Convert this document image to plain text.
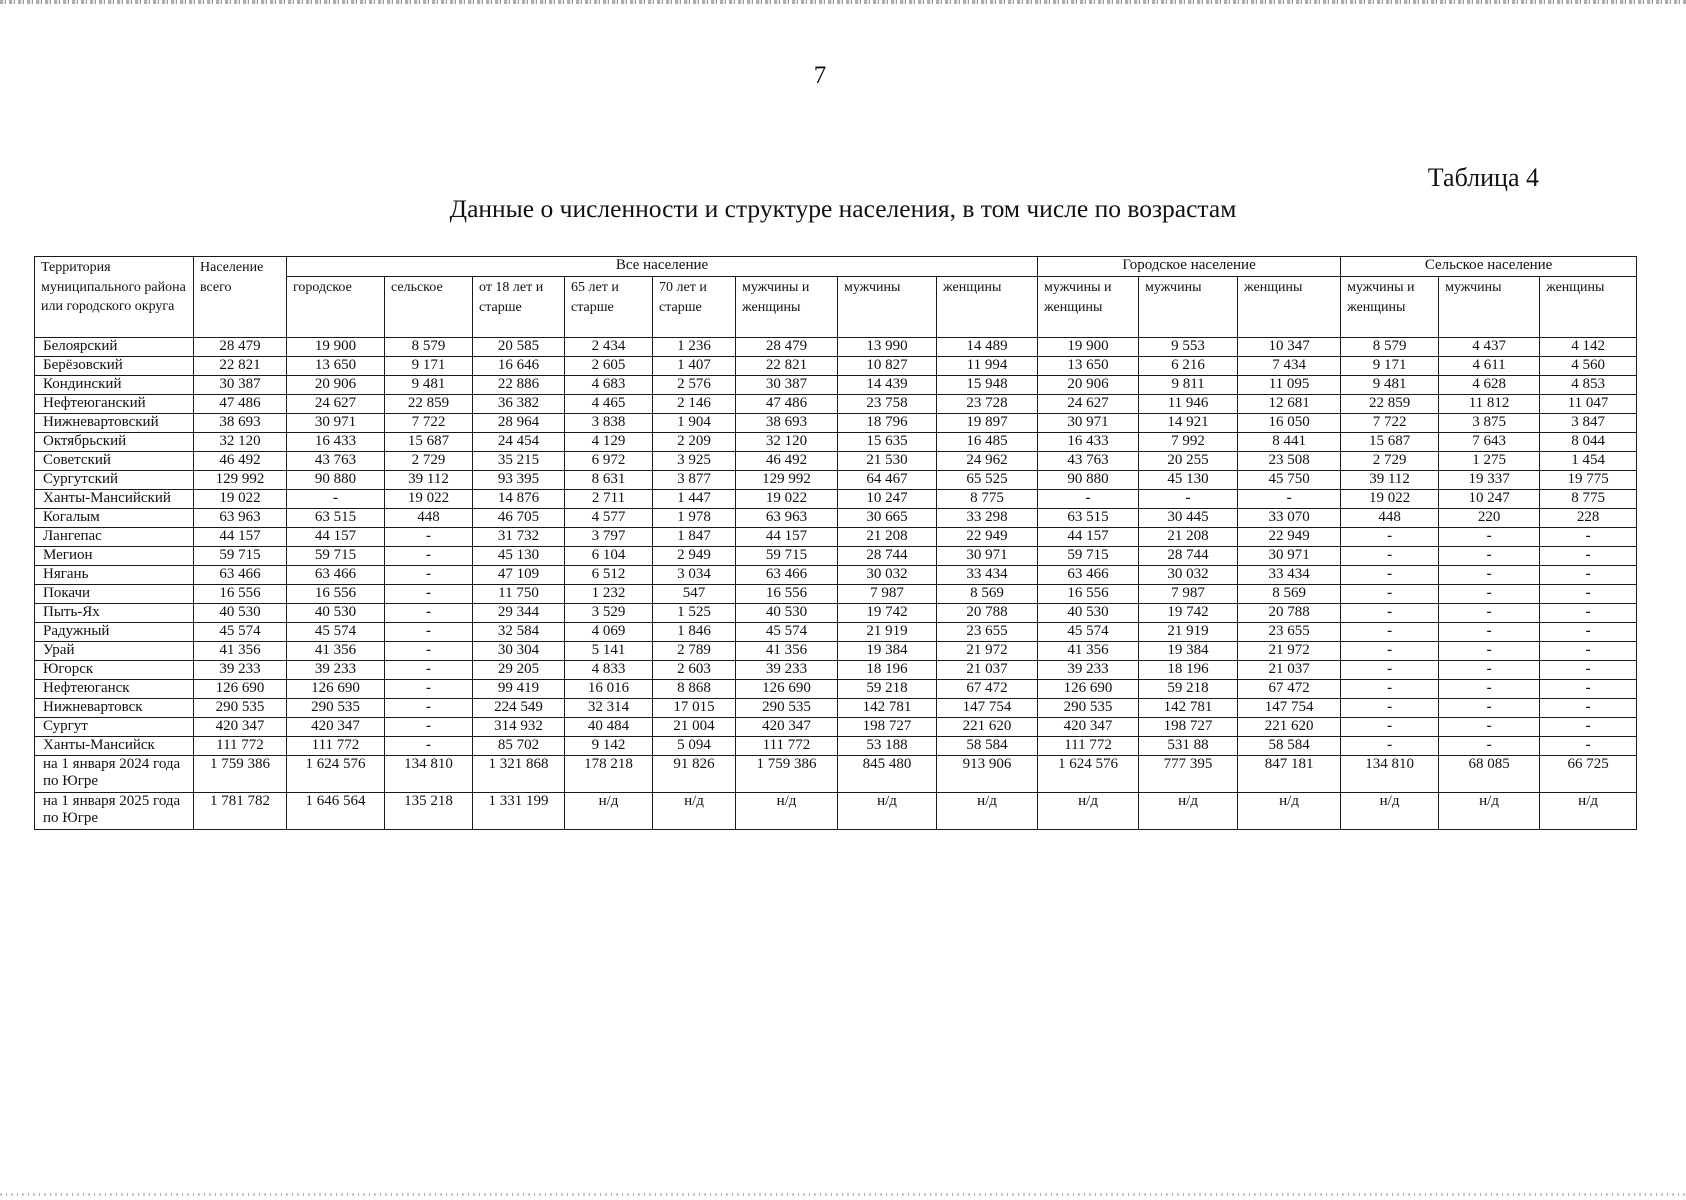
7
Таблица 4
Данные о численности и структуре населения, в том числе по возрастам
Территория муниципального района или городского округа	Население всего	Все население								Городское население			Сельское население		
		городское	сельское	от 18 лет и старше	65 лет и старше	70 лет и старше	мужчины и женщины	мужчины	женщины	мужчины и женщины	мужчины	женщины	мужчины и женщины	мужчины	женщины
Белоярский	28 479	19 900	8 579	20 585	2 434	1 236	28 479	13 990	14 489	19 900	9 553	10 347	8 579	4 437	4 142
Берёзовский	22 821	13 650	9 171	16 646	2 605	1 407	22 821	10 827	11 994	13 650	6 216	7 434	9 171	4 611	4 560
Кондинский	30 387	20 906	9 481	22 886	4 683	2 576	30 387	14 439	15 948	20 906	9 811	11 095	9 481	4 628	4 853
Нефтеюганский	47 486	24 627	22 859	36 382	4 465	2 146	47 486	23 758	23 728	24 627	11 946	12 681	22 859	11 812	11 047
Нижневартовский	38 693	30 971	7 722	28 964	3 838	1 904	38 693	18 796	19 897	30 971	14 921	16 050	7 722	3 875	3 847
Октябрьский	32 120	16 433	15 687	24 454	4 129	2 209	32 120	15 635	16 485	16 433	7 992	8 441	15 687	7 643	8 044
Советский	46 492	43 763	2 729	35 215	6 972	3 925	46 492	21 530	24 962	43 763	20 255	23 508	2 729	1 275	1 454
Сургутский	129 992	90 880	39 112	93 395	8 631	3 877	129 992	64 467	65 525	90 880	45 130	45 750	39 112	19 337	19 775
Ханты-Мансийский	19 022	-	19 022	14 876	2 711	1 447	19 022	10 247	8 775	-	-	-	19 022	10 247	8 775
Когалым	63 963	63 515	448	46 705	4 577	1 978	63 963	30 665	33 298	63 515	30 445	33 070	448	220	228
Лангепас	44 157	44 157	-	31 732	3 797	1 847	44 157	21 208	22 949	44 157	21 208	22 949	-	-	-
Мегион	59 715	59 715	-	45 130	6 104	2 949	59 715	28 744	30 971	59 715	28 744	30 971	-	-	-
Нягань	63 466	63 466	-	47 109	6 512	3 034	63 466	30 032	33 434	63 466	30 032	33 434	-	-	-
Покачи	16 556	16 556	-	11 750	1 232	547	16 556	7 987	8 569	16 556	7 987	8 569	-	-	-
Пыть-Ях	40 530	40 530	-	29 344	3 529	1 525	40 530	19 742	20 788	40 530	19 742	20 788	-	-	-
Радужный	45 574	45 574	-	32 584	4 069	1 846	45 574	21 919	23 655	45 574	21 919	23 655	-	-	-
Урай	41 356	41 356	-	30 304	5 141	2 789	41 356	19 384	21 972	41 356	19 384	21 972	-	-	-
Югорск	39 233	39 233	-	29 205	4 833	2 603	39 233	18 196	21 037	39 233	18 196	21 037	-	-	-
Нефтеюганск	126 690	126 690	-	99 419	16 016	8 868	126 690	59 218	67 472	126 690	59 218	67 472	-	-	-
Нижневартовск	290 535	290 535	-	224 549	32 314	17 015	290 535	142 781	147 754	290 535	142 781	147 754	-	-	-
Сургут	420 347	420 347	-	314 932	40 484	21 004	420 347	198 727	221 620	420 347	198 727	221 620	-	-	-
Ханты-Мансийск	111 772	111 772	-	85 702	9 142	5 094	111 772	53 188	58 584	111 772	531 88	58 584	-	-	-
на 1 января 2024 года по Югре	1 759 386	1 624 576	134 810	1 321 868	178 218	91 826	1 759 386	845 480	913 906	1 624 576	777 395	847 181	134 810	68 085	66 725
на 1 января 2025 года по Югре	1 781 782	1 646 564	135 218	1 331 199	н/д	н/д	н/д	н/д	н/д	н/д	н/д	н/д	н/д	н/д	н/д
